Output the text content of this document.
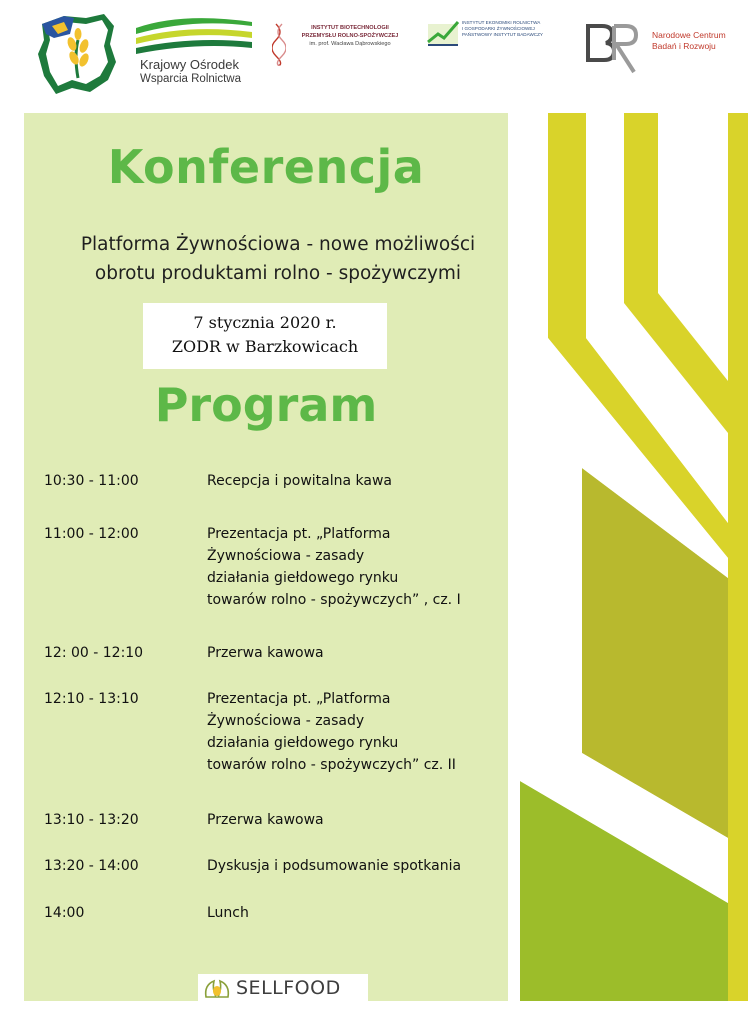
Krajowy Ośrodek
Wsparcia Rolnictwa
INSTYTUT BIOTECHNOLOGII
PRZEMYSŁU ROLNO-SPOŻYWCZEJ
im. prof. Wacława Dąbrowskiego
INSTYTUT EKONOMIKI ROLNICTWA
I GOSPODARKI ŻYWNOŚCIOWEJ
PAŃSTWOWY INSTYTUT BADAWCZY	Narodowe Centrum
Badań i Rozwoju
Konferencja
Platforma Żywnościowa - nowe możliwości
obrotu produktami rolno - spożywczymi
7 stycznia 2020 r.
ZODR w Barzkowicach
Program
10:30 - 11:00	Recepcja i powitalna kawa
11:00 - 12:00	Prezentacja pt. „Platforma
Żywnościowa - zasady
działania giełdowego rynku
towarów rolno - spożywczych” , cz. I
12: 00 - 12:10	Przerwa kawowa
12:10 - 13:10	Prezentacja pt. „Platforma
Żywnościowa - zasady
działania giełdowego rynku
towarów rolno - spożywczych” cz. II
13:10 - 13:20	Przerwa kawowa
13:20 - 14:00	Dyskusja i podsumowanie spotkania
14:00	Lunch
SELLFOOD
